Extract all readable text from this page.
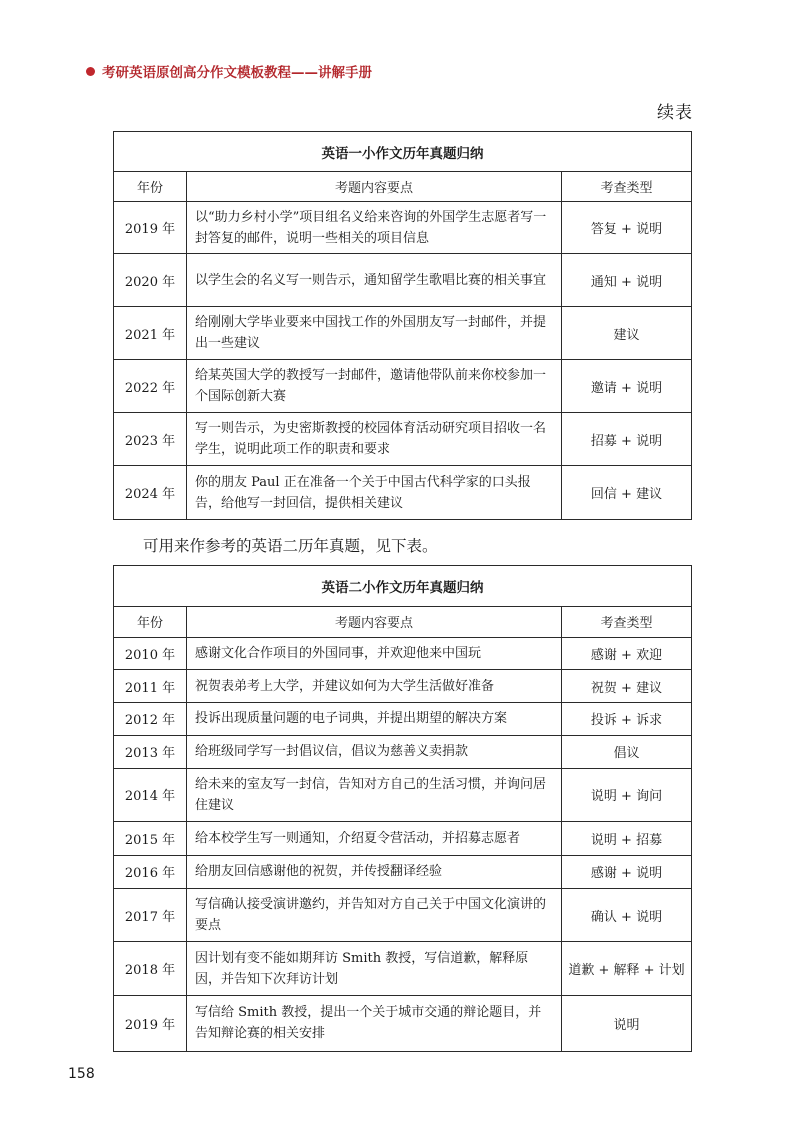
考研英语原创高分作文模板教程——讲解手册
续表
英语一小作文历年真题归纳		
年份	考题内容要点	考查类型
2019 年	以“助力乡村小学”项目组名义给来咨询的外国学生志愿者写一封答复的邮件，说明一些相关的项目信息	答复 + 说明
2020 年	以学生会的名义写一则告示，通知留学生歌唱比赛的相关事宜	通知 + 说明
2021 年	给刚刚大学毕业要来中国找工作的外国朋友写一封邮件，并提出一些建议	建议
2022 年	给某英国大学的教授写一封邮件，邀请他带队前来你校参加一个国际创新大赛	邀请 + 说明
2023 年	写一则告示，为史密斯教授的校园体育活动研究项目招收一名学生，说明此项工作的职责和要求	招募 + 说明
2024 年	你的朋友 Paul 正在准备一个关于中国古代科学家的口头报告，给他写一封回信，提供相关建议	回信 + 建议
可用来作参考的英语二历年真题，见下表。
英语二小作文历年真题归纳		
年份	考题内容要点	考查类型
2010 年	感谢文化合作项目的外国同事，并欢迎他来中国玩	感谢 + 欢迎
2011 年	祝贺表弟考上大学，并建议如何为大学生活做好准备	祝贺 + 建议
2012 年	投诉出现质量问题的电子词典，并提出期望的解决方案	投诉 + 诉求
2013 年	给班级同学写一封倡议信，倡议为慈善义卖捐款	倡议
2014 年	给未来的室友写一封信，告知对方自己的生活习惯，并询问居住建议	说明 + 询问
2015 年	给本校学生写一则通知，介绍夏令营活动，并招募志愿者	说明 + 招募
2016 年	给朋友回信感谢他的祝贺，并传授翻译经验	感谢 + 说明
2017 年	写信确认接受演讲邀约，并告知对方自己关于中国文化演讲的要点	确认 + 说明
2018 年	因计划有变不能如期拜访 Smith 教授，写信道歉，解释原因，并告知下次拜访计划	道歉 + 解释 + 计划
2019 年	写信给 Smith 教授，提出一个关于城市交通的辩论题目，并告知辩论赛的相关安排	说明
158
